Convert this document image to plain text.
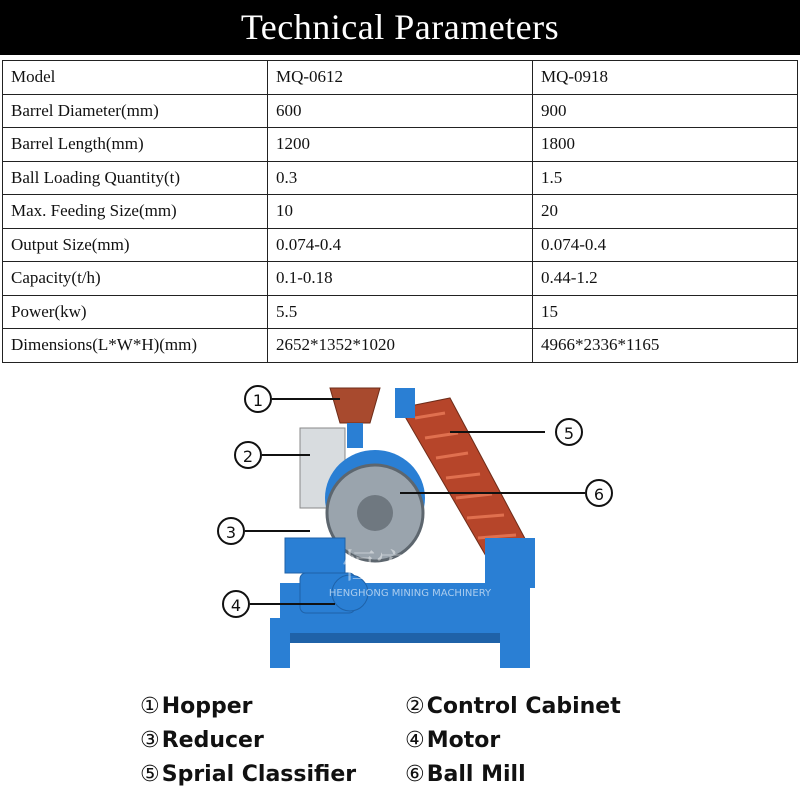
Technical Parameters
Model	MQ-0612	MQ-0918
Barrel Diameter(mm)	600	900
Barrel Length(mm)	1200	1800
Ball Loading Quantity(t)	0.3	1.5
Max. Feeding Size(mm)	10	20
Output Size(mm)	0.074-0.4	0.074-0.4
Capacity(t/h)	0.1-0.18	0.44-1.2
Power(kw)	5.5	15
Dimensions(L*W*H)(mm)	2652*1352*1020	4966*2336*1165
恒宏矿机
HENGHONG MINING MACHINERY
1
2
5
6
3
4
①Hopper	②Control Cabinet
③Reducer	④Motor
⑤Sprial Classifier ⑥Ball Mill
